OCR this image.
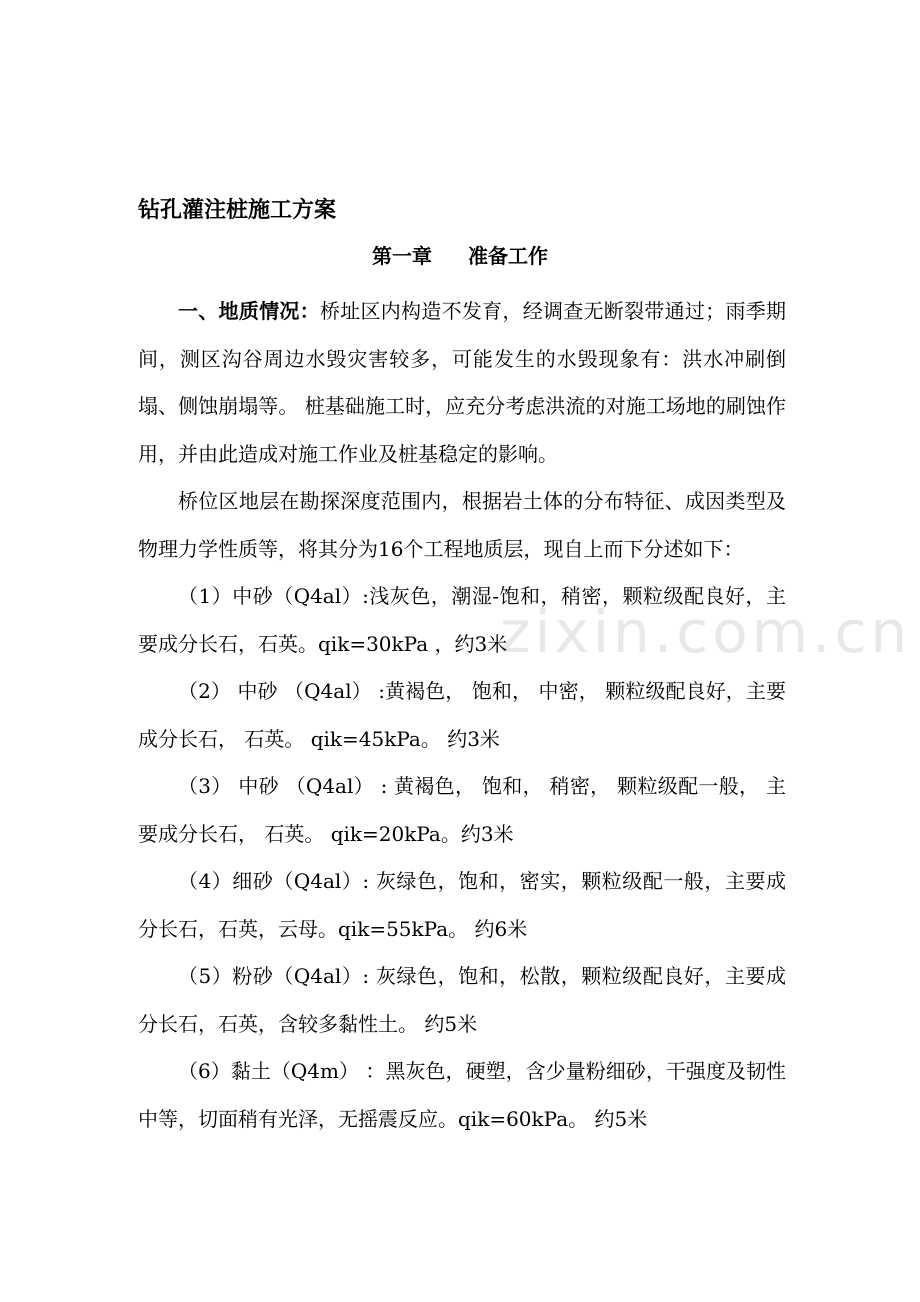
zixin.com.cn
钻孔灌注桩施工方案
第一章 准备工作

一、地质情况：桥址区内构造不发育，经调查无断裂带通过；雨季期间，测区沟谷周边水毁灾害较多，可能发生的水毁现象有：洪水冲刷倒塌、侧蚀崩塌等。 桩基础施工时，应充分考虑洪流的对施工场地的刷蚀作用，并由此造成对施工作业及桩基稳定的影响。

桥位区地层在勘探深度范围内，根据岩土体的分布特征、成因类型及物理力学性质等，将其分为16个工程地质层，现自上而下分述如下：

（1）中砂（Q4al）:浅灰色，潮湿-饱和，稍密，颗粒级配良好，主要成分长石，石英。qik=30kPa ，约3米

（2） 中砂 （Q4al） :黄褐色， 饱和， 中密， 颗粒级配良好，主要成分长石， 石英。 qik=45kPa。 约3米

（3） 中砂 （Q4al） : 黄褐色， 饱和， 稍密， 颗粒级配一般， 主要成分长石， 石英。 qik=20kPa。约3米

（4）细砂（Q4al）: 灰绿色，饱和，密实，颗粒级配一般，主要成分长石，石英，云母。qik=55kPa。 约6米

（5）粉砂（Q4al）: 灰绿色，饱和，松散，颗粒级配良好，主要成分长石，石英，含较多黏性土。 约5米

（6）黏土（Q4m） ：黑灰色，硬塑，含少量粉细砂，干强度及韧性中等，切面稍有光泽，无摇震反应。qik=60kPa。 约5米
